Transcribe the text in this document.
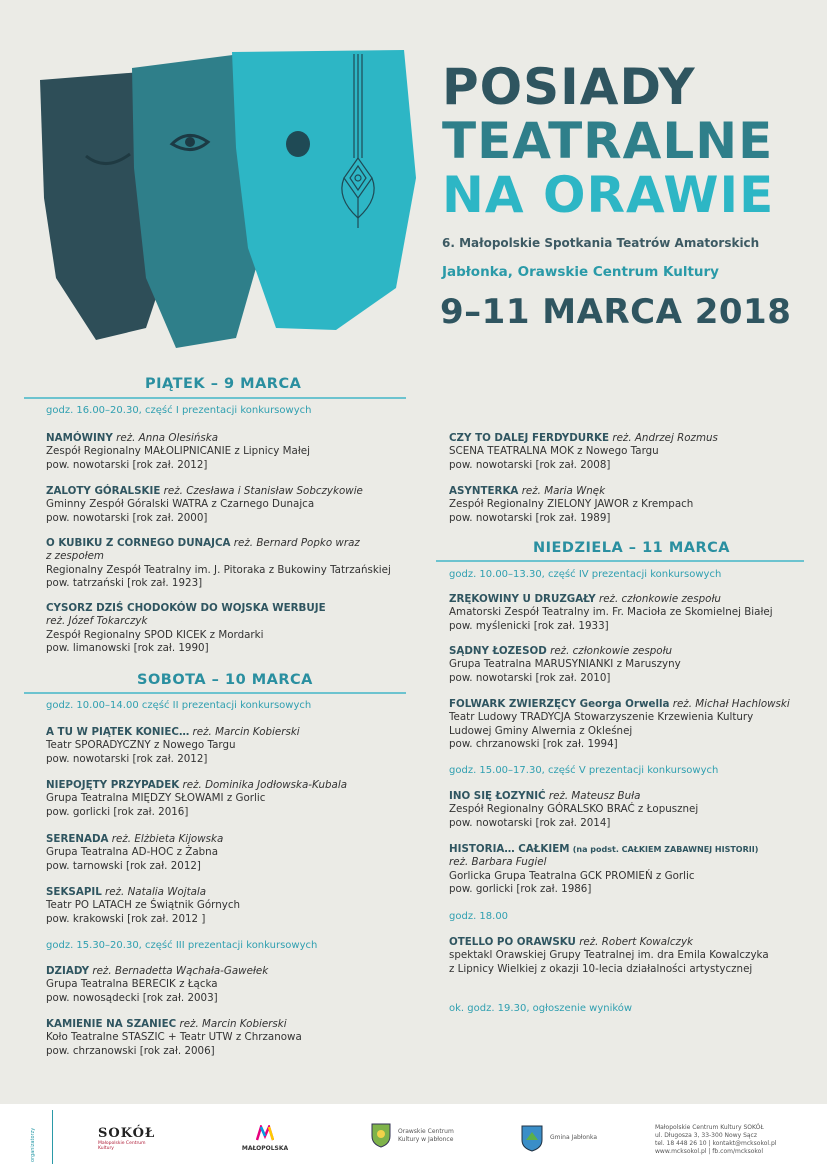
POSIADY
TEATRALNE
NA ORAWIE
6. Małopolskie Spotkania Teatrów Amatorskich
Jabłonka, Orawskie Centrum Kultury
9–11 MARCA 2018
PIĄTEK – 9 MARCA
godz. 16.00–20.30, część I prezentacji konkursowych
NAMÓWINY reż. Anna Olesińska
Zespół Regionalny MAŁOLIPNICANIE z Lipnicy Małej
pow. nowotarski [rok zał. 2012]
ZALOTY GÓRALSKIE reż. Czesława i Stanisław Sobczykowie
Gminny Zespół Góralski WATRA z Czarnego Dunajca
pow. nowotarski [rok zał. 2000]
O KUBIKU Z CORNEGO DUNAJCA reż. Bernard Popko wraz
z zespołem
Regionalny Zespół Teatralny im. J. Pitoraka z Bukowiny Tatrzańskiej
pow. tatrzański [rok zał. 1923]
CYSORZ DZIŚ CHODOKÓW DO WOJSKA WERBUJE
reż. Józef Tokarczyk
Zespół Regionalny SPOD KICEK z Mordarki
pow. limanowski [rok zał. 1990]
SOBOTA – 10 MARCA
godz. 10.00–14.00 część II prezentacji konkursowych
A TU W PIĄTEK KONIEC… reż. Marcin Kobierski
Teatr SPORADYCZNY z Nowego Targu
pow. nowotarski [rok zał. 2012]
NIEPOJĘTY PRZYPADEK reż. Dominika Jodłowska-Kubala
Grupa Teatralna MIĘDZY SŁOWAMI z Gorlic
pow. gorlicki [rok zał. 2016]
SERENADA reż. Elżbieta Kijowska
Grupa Teatralna AD-HOC z Żabna
pow. tarnowski [rok zał. 2012]
SEKSAPIL reż. Natalia Wojtala
Teatr PO LATACH ze Świątnik Górnych
pow. krakowski [rok zał. 2012 ]
godz. 15.30–20.30, część III prezentacji konkursowych
DZIADY reż. Bernadetta Wąchała-Gawełek
Grupa Teatralna BERECIK z Łącka
pow. nowosądecki [rok zał. 2003]
KAMIENIE NA SZANIEC reż. Marcin Kobierski
Koło Teatralne STASZIC + Teatr UTW z Chrzanowa
pow. chrzanowski [rok zał. 2006]
CZY TO DALEJ FERDYDURKE reż. Andrzej Rozmus
SCENA TEATRALNA MOK z Nowego Targu
pow. nowotarski [rok zał. 2008]
ASYNTERKA reż. Maria Wnęk
Zespół Regionalny ZIELONY JAWOR z Krempach
pow. nowotarski [rok zał. 1989]
NIEDZIELA – 11 MARCA
godz. 10.00–13.30, część IV prezentacji konkursowych
ZRĘKOWINY U DRUZGAŁY reż. członkowie zespołu
Amatorski Zespół Teatralny im. Fr. Macioła ze Skomielnej Białej
pow. myślenicki [rok zał. 1933]
SĄDNY ŁOZESOD reż. członkowie zespołu
Grupa Teatralna MARUSYNIANKI z Maruszyny
pow. nowotarski [rok zał. 2010]
FOLWARK ZWIERZĘCY Georga Orwella reż. Michał Hachlowski
Teatr Ludowy TRADYCJA Stowarzyszenie Krzewienia Kultury
Ludowej Gminy Alwernia z Okleśnej
pow. chrzanowski [rok zał. 1994]
godz. 15.00–17.30, część V prezentacji konkursowych
INO SIĘ ŁOZYNIĆ reż. Mateusz Buła
Zespół Regionalny GÓRALSKO BRAĆ z Łopusznej
pow. nowotarski [rok zał. 2014]
HISTORIA… CAŁKIEM (na podst. CAŁKIEM ZABAWNEJ HISTORII)
reż. Barbara Fugiel
Gorlicka Grupa Teatralna GCK PROMIEŃ z Gorlic
pow. gorlicki [rok zał. 1986]
godz. 18.00
OTELLO PO ORAWSKU reż. Robert Kowalczyk
spektakl Orawskiej Grupy Teatralnej im. dra Emila Kowalczyka
z Lipnicy Wielkiej z okazji 10-lecia działalności artystycznej
ok. godz. 19.30, ogłoszenie wyników
organizatorzy	SOKÓŁ
Małopolskie Centrum Kultury	MAŁOPOLSKA
Orawskie Centrum Kultury w Jabłonce	Gmina Jabłonka
Małopolskie Centrum Kultury SOKÓŁ
ul. Długosza 3, 33-300 Nowy Sącz
tel. 18 448 26 10 | kontakt@mcksokol.pl
www.mcksokol.pl | fb.com/mcksokol
